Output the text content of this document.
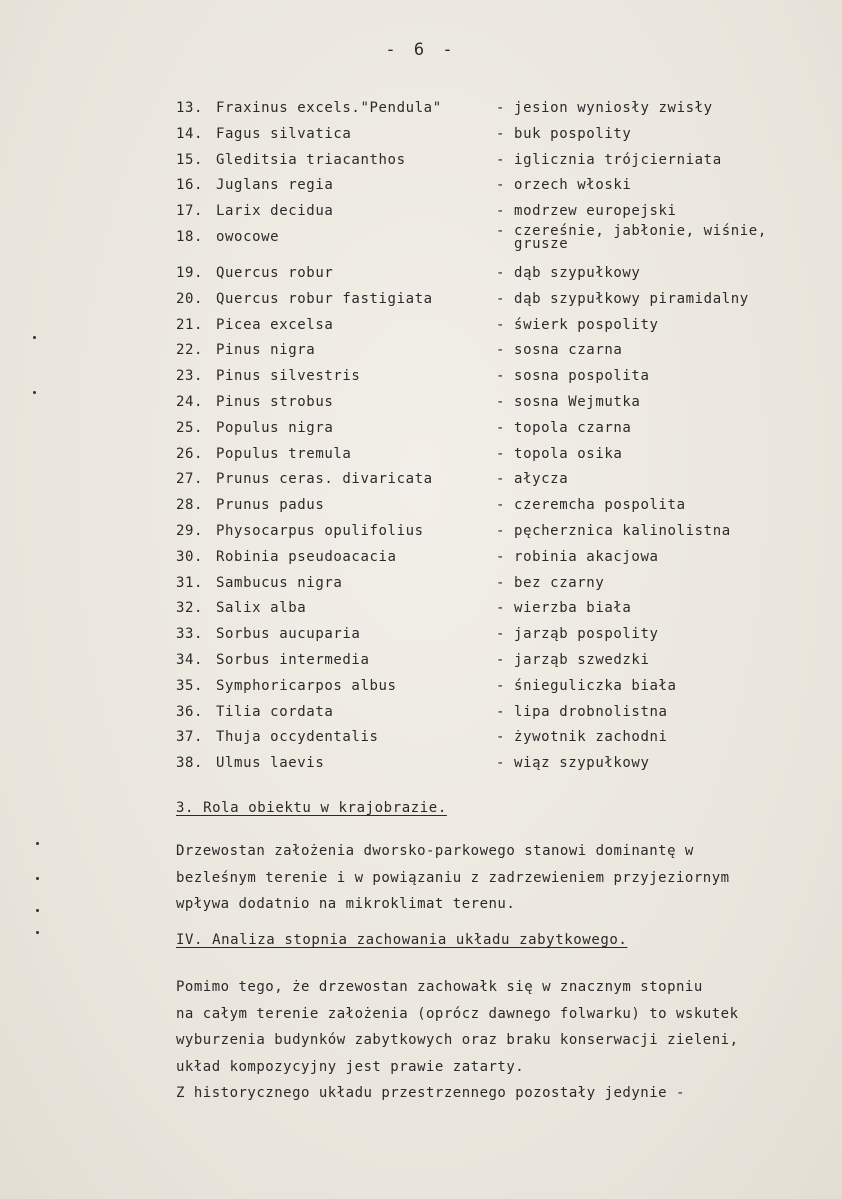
- 6 -
13. Fraxinus excels."Pendula"	- jesion wyniosły zwisły
14. Fagus silvatica	- buk pospolity
15. Gleditsia triacanthos	- iglicznia trójcierniata
16. Juglans regia	- orzech włoski
17. Larix decidua	- modrzew europejski
18. owocowe	- czereśnie, jabłonie, wiśnie,
grusze
19. Quercus robur	- dąb szypułkowy
20. Quercus robur fastigiata	- dąb szypułkowy piramidalny
21. Picea excelsa	- świerk pospolity
22. Pinus nigra	- sosna czarna
23. Pinus silvestris	- sosna pospolita
24. Pinus strobus	- sosna Wejmutka
25. Populus nigra	- topola czarna
26. Populus tremula	- topola osika
27. Prunus ceras. divaricata	- ałycza
28. Prunus padus	- czeremcha pospolita
29. Physocarpus opulifolius	- pęcherznica kalinolistna
30. Robinia pseudoacacia	- robinia akacjowa
31. Sambucus nigra	- bez czarny
32. Salix alba	- wierzba biała
33. Sorbus aucuparia	- jarząb pospolity
34. Sorbus intermedia	- jarząb szwedzki
35. Symphoricarpos albus	- śnieguliczka biała
36. Tilia cordata	- lipa drobnolistna
37. Thuja occydentalis	- żywotnik zachodni
38. Ulmus laevis	- wiąz szypułkowy
3. Rola obiektu w krajobrazie.
Drzewostan założenia dworsko-parkowego stanowi dominantę w
bezleśnym terenie i w powiązaniu z zadrzewieniem przyjeziornym
wpływa dodatnio na mikroklimat terenu.
IV. Analiza stopnia zachowania układu zabytkowego.
Pomimo tego, że drzewostan zachowałk się w znacznym stopniu
na całym terenie założenia (oprócz dawnego folwarku) to wskutek
wyburzenia budynków zabytkowych oraz braku konserwacji zieleni,
układ kompozycyjny jest prawie zatarty.
Z historycznego układu przestrzennego pozostały jedynie -
